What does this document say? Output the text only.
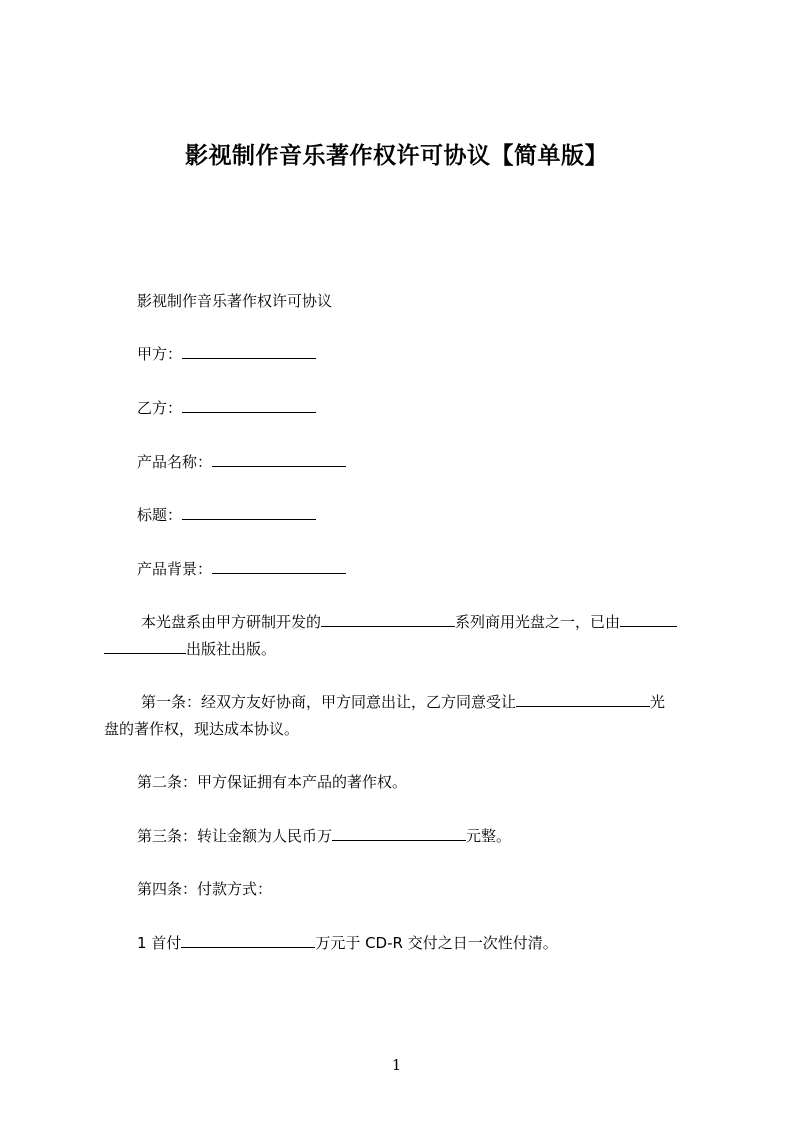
影视制作音乐著作权许可协议【简单版】
影视制作音乐著作权许可协议
甲方：
乙方：
产品名称：
标题：
产品背景：
本光盘系由甲方研制开发的	系列商用光盘之一，已由
出版社出版。
第一条：经双方友好协商，甲方同意出让，乙方同意受让	光
盘的著作权，现达成本协议。
第二条：甲方保证拥有本产品的著作权。
第三条：转让金额为人民币万	元整。
第四条：付款方式：
1 首付	万元于 CD-R 交付之日一次性付清。
1
